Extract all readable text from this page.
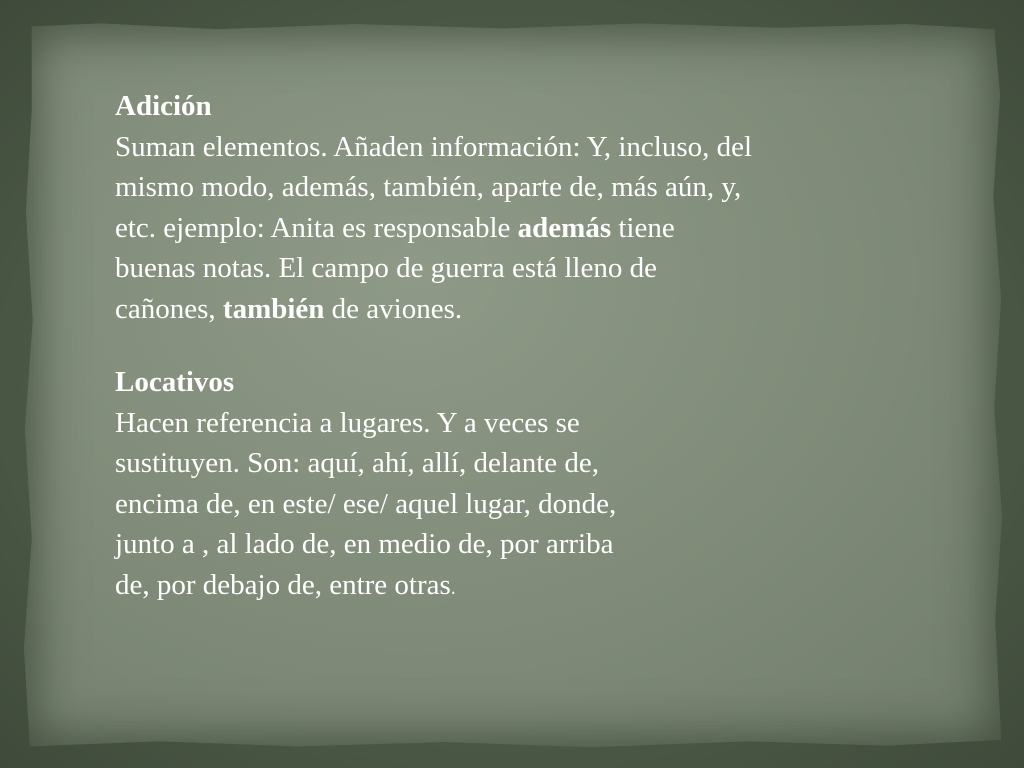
Adición
Suman elementos. Añaden información: Y, incluso, del
mismo modo, además, también, aparte de, más aún, y,
etc. ejemplo: Anita es responsable además tiene
buenas notas. El campo de guerra está lleno de
cañones, también de aviones.

Locativos
Hacen referencia a lugares. Y a veces se
sustituyen. Son: aquí, ahí, allí, delante de,
encima de, en este/ ese/ aquel lugar, donde,
junto a , al lado de, en medio de, por arriba
de, por debajo de, entre otras.
